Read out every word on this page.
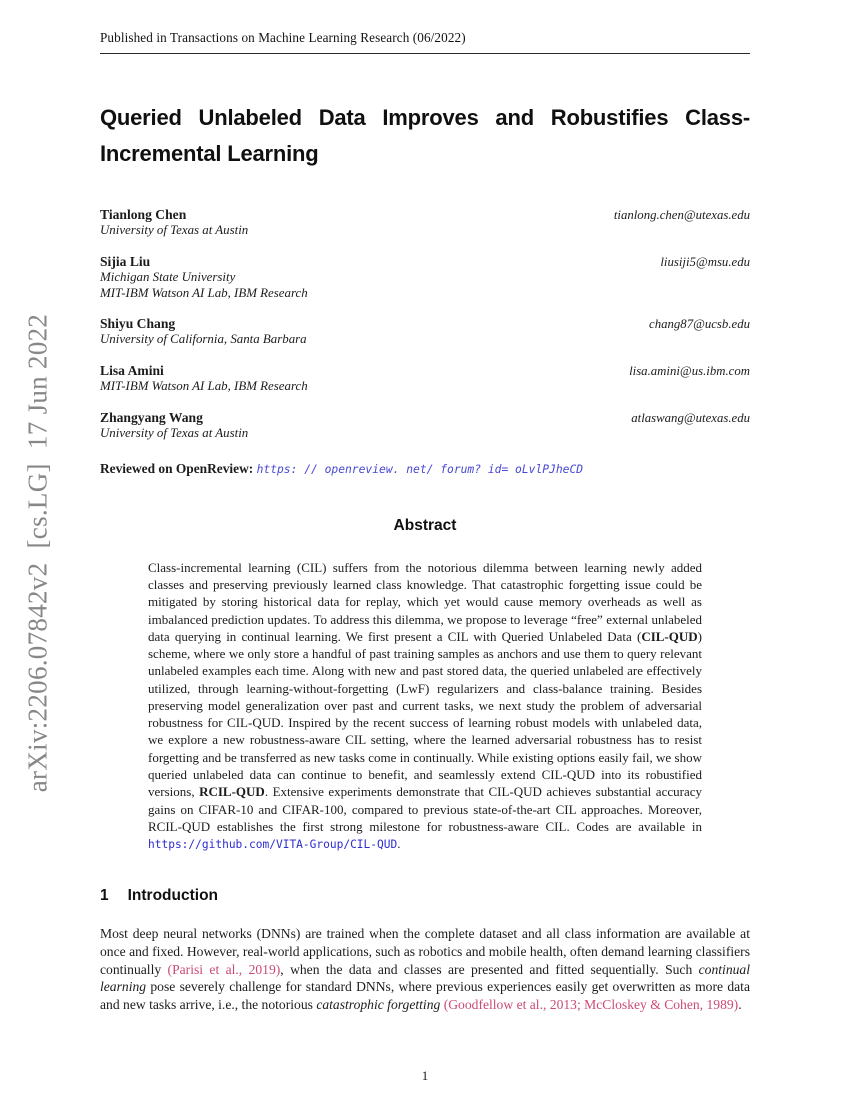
arXiv:2206.07842v2  [cs.LG]  17 Jun 2022
Published in Transactions on Machine Learning Research (06/2022)
Queried Unlabeled Data Improves and Robustifies Class-Incremental Learning
Tianlong Chen	tianlong.chen@utexas.edu
University of Texas at Austin
Sijia Liu	liusiji5@msu.edu
Michigan State University
MIT-IBM Watson AI Lab, IBM Research
Shiyu Chang	chang87@ucsb.edu
University of California, Santa Barbara
Lisa Amini	lisa.amini@us.ibm.com
MIT-IBM Watson AI Lab, IBM Research
Zhangyang Wang	atlaswang@utexas.edu
University of Texas at Austin
Reviewed on OpenReview: https: // openreview. net/ forum? id= oLvlPJheCD
Abstract

Class-incremental learning (CIL) suffers from the notorious dilemma between learning newly added classes and preserving previously learned class knowledge. That catastrophic forgetting issue could be mitigated by storing historical data for replay, which yet would cause memory overheads as well as imbalanced prediction updates. To address this dilemma, we propose to leverage “free” external unlabeled data querying in continual learning. We first present a CIL with Queried Unlabeled Data (CIL-QUD) scheme, where we only store a handful of past training samples as anchors and use them to query relevant unlabeled examples each time. Along with new and past stored data, the queried unlabeled are effectively utilized, through learning-without-forgetting (LwF) regularizers and class-balance training. Besides preserving model generalization over past and current tasks, we next study the problem of adversarial robustness for CIL-QUD. Inspired by the recent success of learning robust models with unlabeled data, we explore a new robustness-aware CIL setting, where the learned adversarial robustness has to resist forgetting and be transferred as new tasks come in continually. While existing options easily fail, we show queried unlabeled data can continue to benefit, and seamlessly extend CIL-QUD into its robustified versions, RCIL-QUD. Extensive experiments demonstrate that CIL-QUD achieves substantial accuracy gains on CIFAR-10 and CIFAR-100, compared to previous state-of-the-art CIL approaches. Moreover, RCIL-QUD establishes the first strong milestone for robustness-aware CIL. Codes are available in https://github.com/VITA-Group/CIL-QUD.

1 Introduction

Most deep neural networks (DNNs) are trained when the complete dataset and all class information are available at once and fixed. However, real-world applications, such as robotics and mobile health, often demand learning classifiers continually (Parisi et al., 2019), when the data and classes are presented and fitted sequentially. Such continual learning pose severely challenge for standard DNNs, where previous experiences easily get overwritten as more data and new tasks arrive, i.e., the notorious catastrophic forgetting (Goodfellow et al., 2013; McCloskey & Cohen, 1989).

1
